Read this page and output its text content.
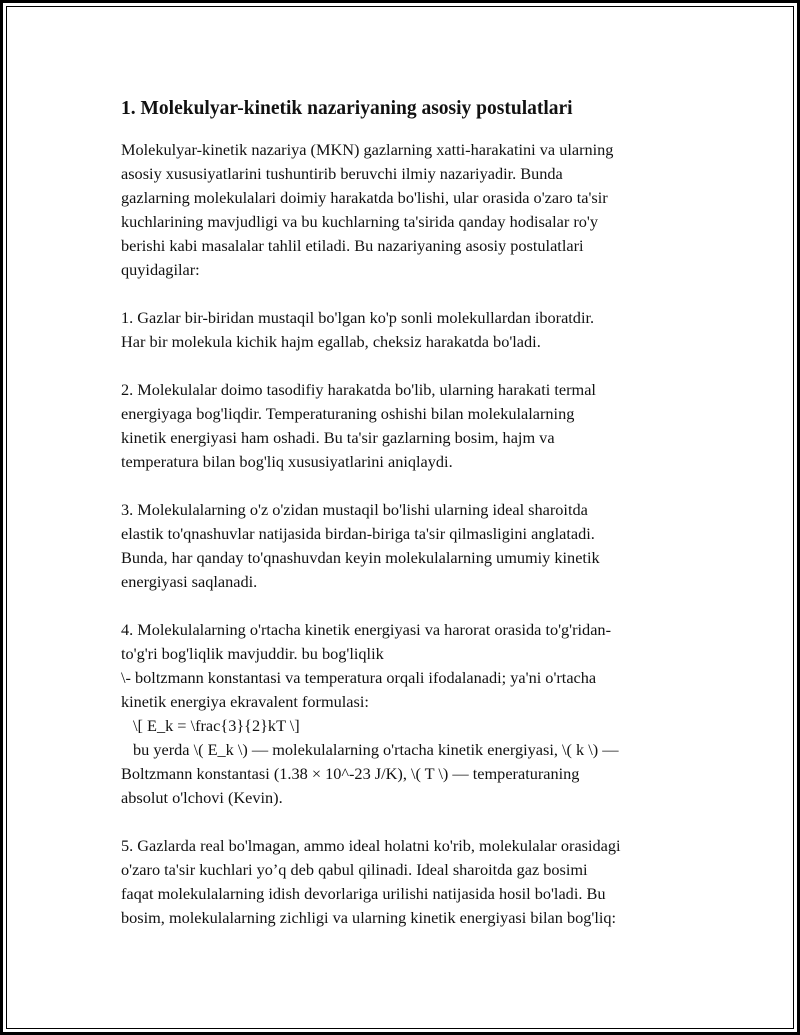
1. Molekulyar-kinetik nazariyaning asosiy postulatlari

Molekulyar-kinetik nazariya (MKN) gazlarning xatti-harakatini va ularning
asosiy xususiyatlarini tushuntirib beruvchi ilmiy nazariyadir. Bunda
gazlarning molekulalari doimiy harakatda bo'lishi, ular orasida o'zaro ta'sir
kuchlarining mavjudligi va bu kuchlarning ta'sirida qanday hodisalar ro'y
berishi kabi masalalar tahlil etiladi. Bu nazariyaning asosiy postulatlari
quyidagilar:

1. Gazlar bir-biridan mustaqil bo'lgan ko'p sonli molekullardan iboratdir.
Har bir molekula kichik hajm egallab, cheksiz harakatda bo'ladi.

2. Molekulalar doimo tasodifiy harakatda bo'lib, ularning harakati termal
energiyaga bog'liqdir. Temperaturaning oshishi bilan molekulalarning
kinetik energiyasi ham oshadi. Bu ta'sir gazlarning bosim, hajm va
temperatura bilan bog'liq xususiyatlarini aniqlaydi.

3. Molekulalarning o'z o'zidan mustaqil bo'lishi ularning ideal sharoitda
elastik to'qnashuvlar natijasida birdan-biriga ta'sir qilmasligini anglatadi.
Bunda, har qanday to'qnashuvdan keyin molekulalarning umumiy kinetik
energiyasi saqlanadi.

4. Molekulalarning o'rtacha kinetik energiyasi va harorat orasida to'g'ridan-
to'g'ri bog'liqlik mavjuddir. bu bog'liqlik
\- boltzmann konstantasi va temperatura orqali ifodalanadi; ya'ni o'rtacha
kinetik energiya ekravalent formulasi:
\[ E_k = \frac{3}{2}kT \]
bu yerda \( E_k \) — molekulalarning o'rtacha kinetik energiyasi, \( k \) —
Boltzmann konstantasi (1.38 × 10^-23 J/K), \( T \) — temperaturaning
absolut o'lchovi (Kevin).

5. Gazlarda real bo'lmagan, ammo ideal holatni ko'rib, molekulalar orasidagi
o'zaro ta'sir kuchlari yo’q deb qabul qilinadi. Ideal sharoitda gaz bosimi
faqat molekulalarning idish devorlariga urilishi natijasida hosil bo'ladi. Bu
bosim, molekulalarning zichligi va ularning kinetik energiyasi bilan bog'liq:
